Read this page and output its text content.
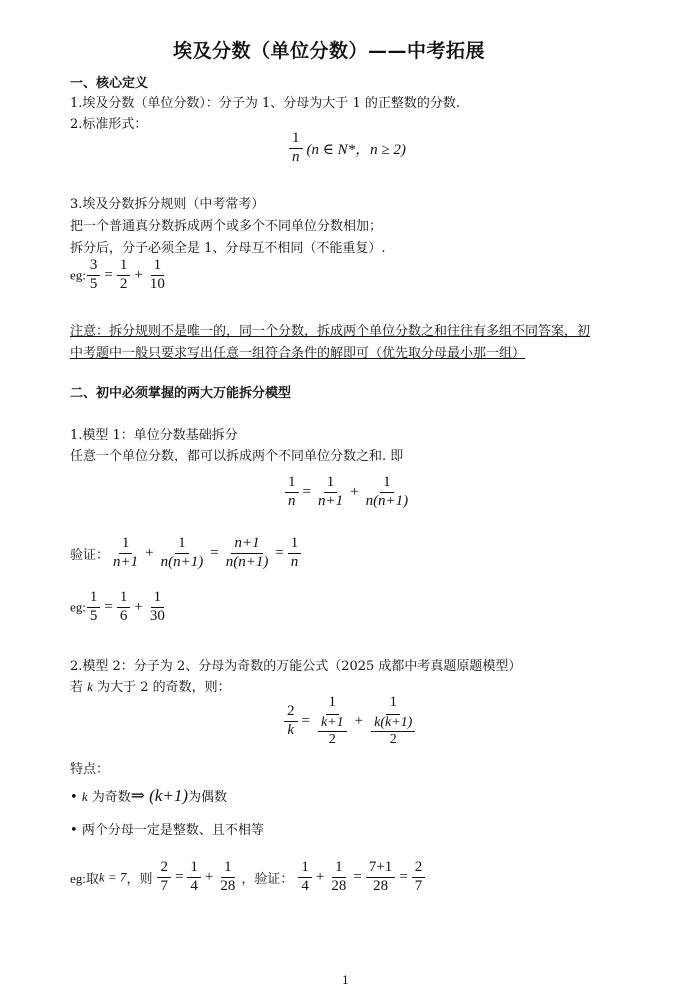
埃及分数（单位分数）——中考拓展
一、核心定义
1.埃及分数（单位分数）：分子为 1、分母为大于 1 的正整数的分数.
2.标准形式：
$\frac{1}{n} (n$ ∈ N*，n ≥ 2)
3.埃及分数拆分规则（中考常考）
把一个普通真分数拆成两个或多个不同单位分数相加；
拆分后，分子必须全是 1、分母互不相同（不能重复）.
eg: $\frac{3}{5} = \frac{1}{2} + \frac{1}{10}$
注意：拆分规则不是唯一的，同一个分数，拆成两个单位分数之和往往有多组不同答案，初
中考题中一般只要求写出任意一组符合条件的解即可（优先取分母最小那一组）
二、初中必须掌握的两大万能拆分模型
1.模型 1：单位分数基础拆分
任意一个单位分数，都可以拆成两个不同单位分数之和. 即
$\frac{1}{n} = \frac{1}{n+1} + \frac{1}{n(n+1)}$
验证： $\frac{1}{n+1} + \frac{1}{n(n+1)} = \frac{n+1}{n(n+1)} = \frac{1}{n}$
eg: $\frac{1}{5} = \frac{1}{6} + \frac{1}{30}$
2.模型 2：分子为 2、分母为奇数的万能公式（2025 成都中考真题原题模型）
若 k 为大于 2 的奇数，则：
$\frac{2}{k} = \frac{1}{\frac{k+1}{2}} + \frac{1}{\frac{k(k+1)}{2}}$
特点：
• k 为奇数⇒ (k+1)为偶数
• 两个分母一定是整数、且不相等
eg:取k = 7，则 $\frac{2}{7} = \frac{1}{4} + \frac{1}{28}$ ，验证： $\frac{1}{4} + \frac{1}{28} = \frac{7+1}{28} = \frac{2}{7}$
1
